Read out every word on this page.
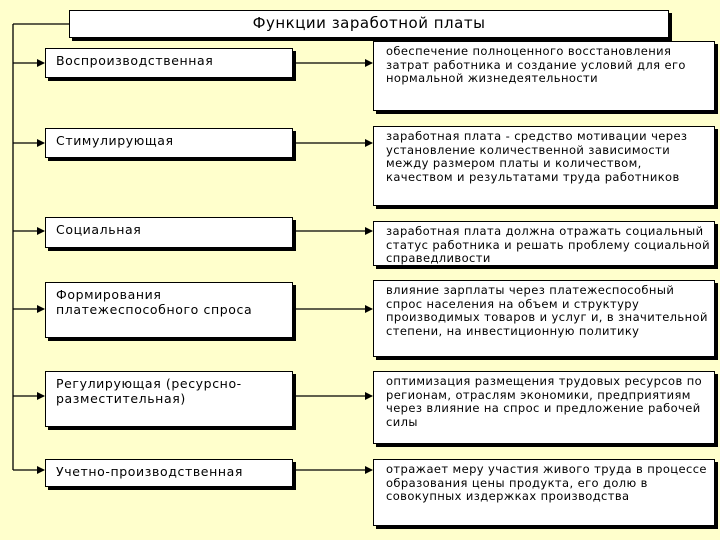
Функции заработной платы
Воспроизводственная
обеспечение полноценного восстановления затрат работника и создание условий для его нормальной жизнедеятельности
Стимулирующая	заработная плата - средство мотивации через установление количественной зависимости между размером платы и количеством, качеством и результатами труда работников
Социальная	заработная плата должна отражать социальный статус работника и решать проблему социальной справедливости
Формирования платежеспособного спроса
влияние зарплаты через платежеспособный спрос населения на объем и структуру производимых товаров и услуг и, в значительной степени, на инвестиционную политику
Регулирующая (ресурсно-разместительная)
оптимизация размещения трудовых ресурсов по регионам, отраслям экономики, предприятиям через влияние на спрос и предложение рабочей силы
Учетно-производственная	отражает меру участия живого труда в процессе образования цены продукта, его долю в совокупных издержках производства
